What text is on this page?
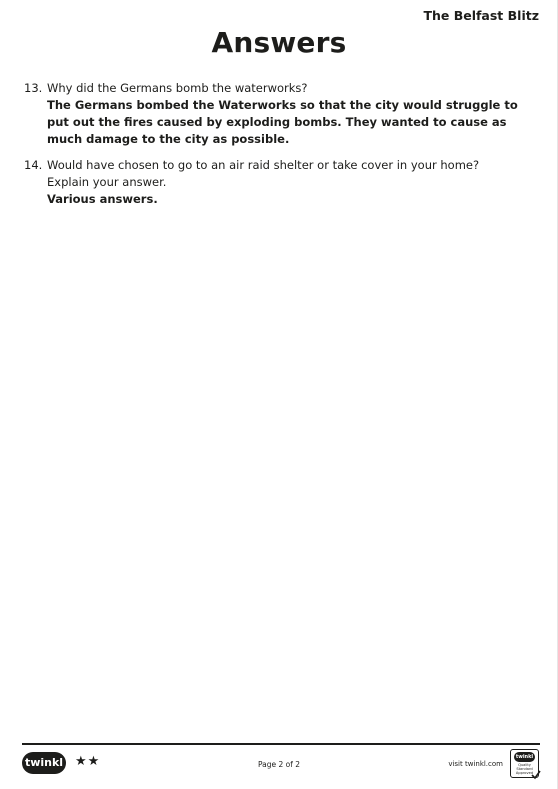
The Belfast Blitz
Answers
13. Why did the Germans bomb the waterworks?
The Germans bombed the Waterworks so that the city would struggle to put out the fires caused by exploding bombs. They wanted to cause as much damage to the city as possible.
14. Would have chosen to go to an air raid shelter or take cover in your home?
Explain your answer.
Various answers.
twinkl ★★	Page 2 of 2	visit twinkl.com
twinkl
Quality Standard Approved
